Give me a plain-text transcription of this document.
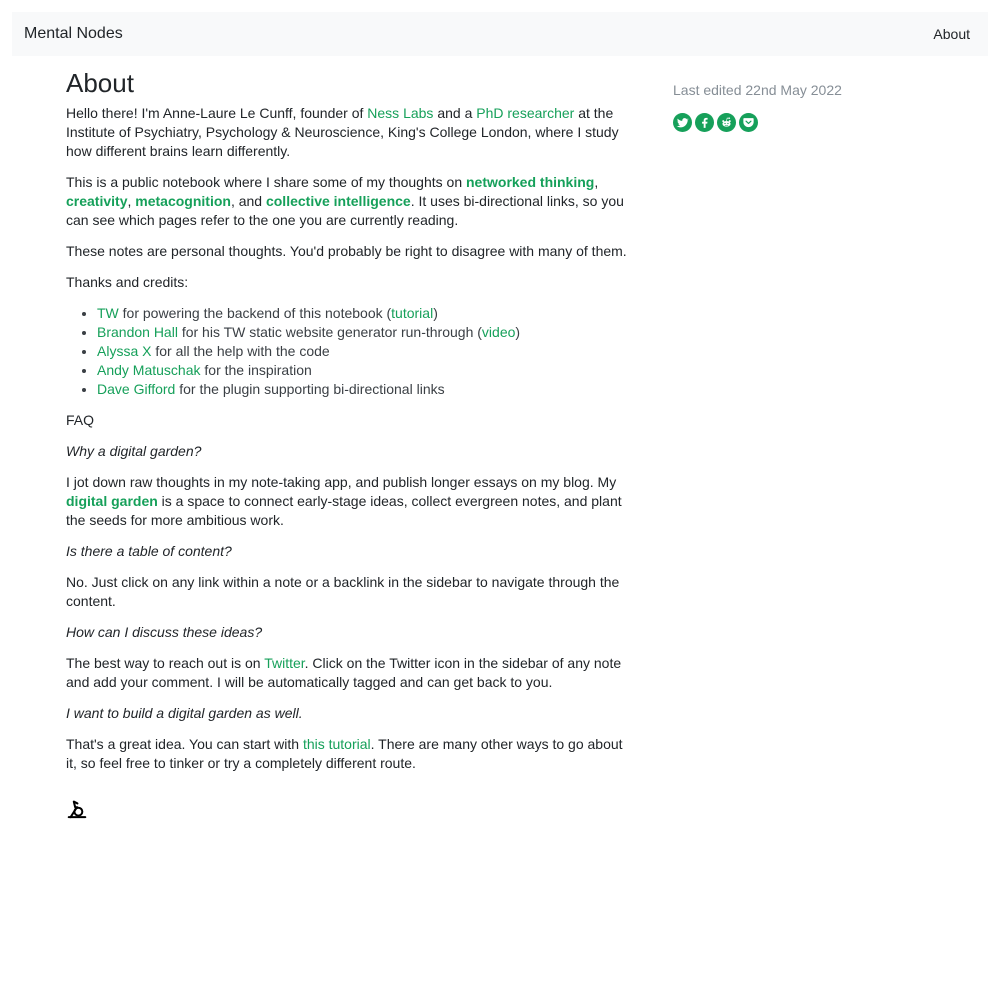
Mental Nodes	About
About

Hello there! I'm Anne-Laure Le Cunff, founder of Ness Labs and a PhD researcher at the Institute of Psychiatry, Psychology & Neuroscience, King's College London, where I study how different brains learn differently.

This is a public notebook where I share some of my thoughts on networked thinking, creativity, metacognition, and collective intelligence. It uses bi-directional links, so you can see which pages refer to the one you are currently reading.

These notes are personal thoughts. You'd probably be right to disagree with many of them.

Thanks and credits:

• TW for powering the backend of this notebook (tutorial)
• Brandon Hall for his TW static website generator run-through (video)
• Alyssa X for all the help with the code
• Andy Matuschak for the inspiration
• Dave Gifford for the plugin supporting bi-directional links

FAQ

Why a digital garden?

I jot down raw thoughts in my note-taking app, and publish longer essays on my blog. My digital garden is a space to connect early-stage ideas, collect evergreen notes, and plant the seeds for more ambitious work.

Is there a table of content?

No. Just click on any link within a note or a backlink in the sidebar to navigate through the content.

How can I discuss these ideas?

The best way to reach out is on Twitter. Click on the Twitter icon in the sidebar of any note and add your comment. I will be automatically tagged and can get back to you.

I want to build a digital garden as well.

That's a great idea. You can start with this tutorial. There are many other ways to go about it, so feel free to tinker or try a completely different route.

Last edited 22nd May 2022
